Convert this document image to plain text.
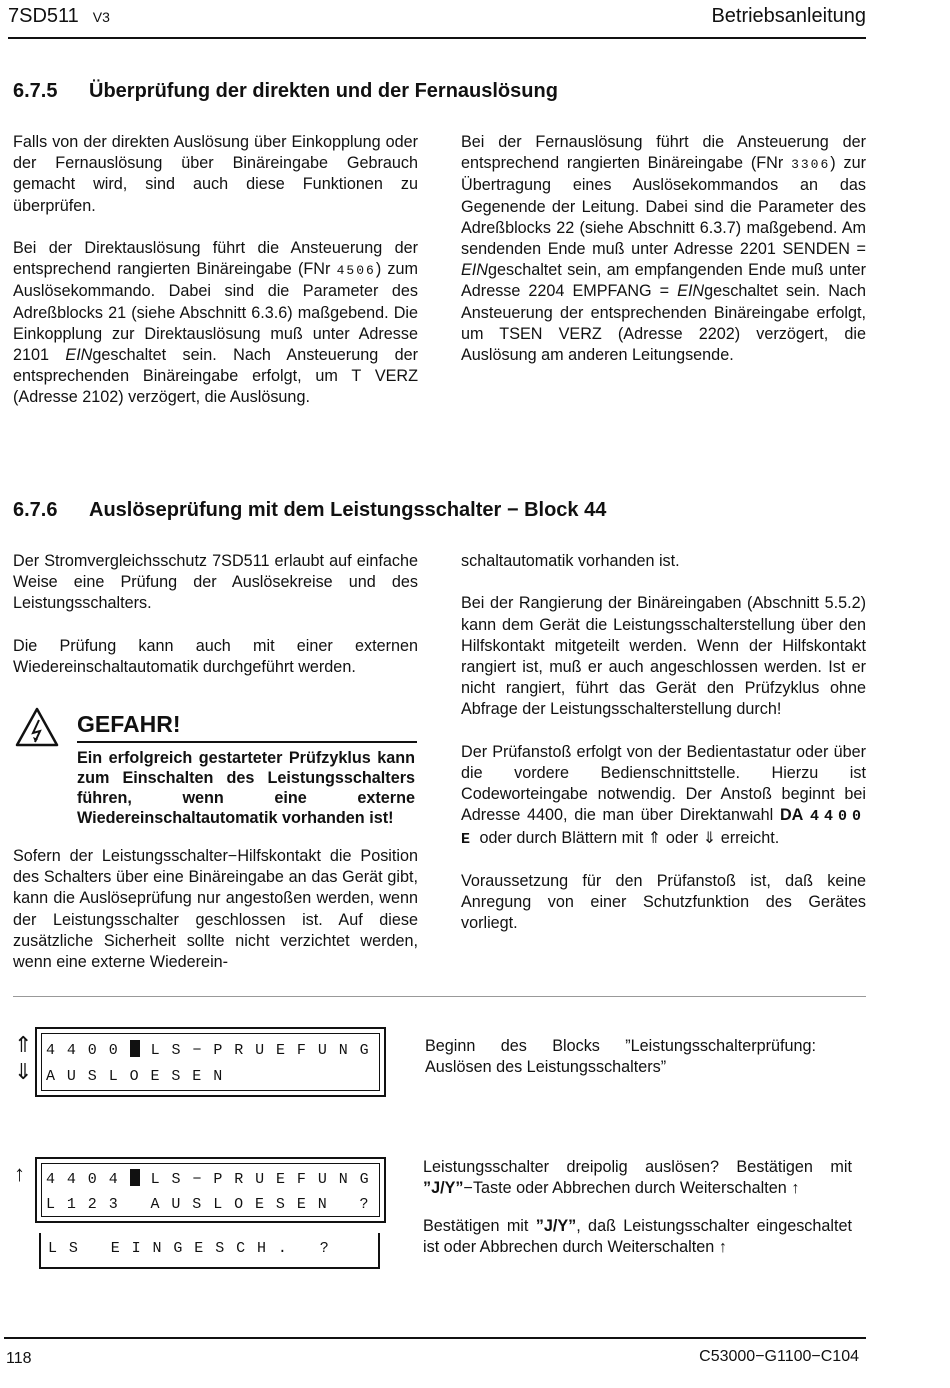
7SD511 V3	Betriebsanleitung
6.7.5 Überprüfung der direkten und der Fernauslösung

Falls von der direkten Auslösung über Einkopplung oder der Fernauslösung über Binäreingabe Gebrauch gemacht wird, sind auch diese Funktionen zu überprüfen.

Bei der Direktauslösung führt die Ansteuerung der entsprechend rangierten Binäreingabe (FNr 4506) zum Auslösekommando. Dabei sind die Parameter des Adreßblocks 21 (siehe Abschnitt 6.3.6) maßgebend. Die Einkopplung zur Direktauslösung muß unter Adresse 2101 EINgeschaltet sein. Nach Ansteuerung der entsprechenden Binäreingabe erfolgt, um T VERZ (Adresse 2102) verzögert, die Auslösung.

Bei der Fernauslösung führt die Ansteuerung der entsprechend rangierten Binäreingabe (FNr 3306) zur Übertragung eines Auslösekommandos an das Gegenende der Leitung. Dabei sind die Parameter des Adreßblocks 22 (siehe Abschnitt 6.3.7) maßgebend. Am sendenden Ende muß unter Adresse 2201 SENDEN = EINgeschaltet sein, am empfangenden Ende muß unter Adresse 2204 EMPFANG = EINgeschaltet sein. Nach Ansteuerung der entsprechenden Binäreingabe erfolgt, um TSEN VERZ (Adresse 2202) verzögert, die Auslösung am anderen Leitungsende.

6.7.6 Auslöseprüfung mit dem Leistungsschalter − Block 44

Der Stromvergleichsschutz 7SD511 erlaubt auf einfache Weise eine Prüfung der Auslösekreise und des Leistungsschalters.

Die Prüfung kann auch mit einer externen Wiedereinschaltautomatik durchgeführt werden.

GEFAHR!
Ein erfolgreich gestarteter Prüfzyklus kann zum Einschalten des Leistungsschalters führen, wenn eine externe Wiedereinschaltautomatik vorhanden ist!

Sofern der Leistungsschalter−Hilfskontakt die Position des Schalters über eine Binäreingabe an das Gerät gibt, kann die Auslöseprüfung nur angestoßen werden, wenn der Leistungsschalter geschlossen ist. Auf diese zusätzliche Sicherheit sollte nicht verzichtet werden, wenn eine externe Wiederein-

schaltautomatik vorhanden ist.

Bei der Rangierung der Binäreingaben (Abschnitt 5.5.2) kann dem Gerät die Leistungsschalterstellung über den Hilfskontakt mitgeteilt werden. Wenn der Hilfskontakt rangiert ist, muß er auch angeschlossen werden. Ist er nicht rangiert, führt das Gerät den Prüfzyklus ohne Abfrage der Leistungsschalterstellung durch!

Der Prüfanstoß erfolgt von der Bedientastatur oder über die vordere Bedienschnittstelle. Hierzu ist Codeworteingabe notwendig. Der Anstoß beginnt bei Adresse 4400, die man über Direktanwahl DA 4400 E oder durch Blättern mit ⇑ oder ⇓ erreicht.

Voraussetzung für den Prüfanstoß ist, daß keine Anregung von einer Schutzfunktion des Gerätes vorliegt.

⇑
⇓
4400 LS−PRUEFUNG
AUSLOESEN
Beginn des Blocks ”Leistungsschalterprüfung: Auslösen des Leistungsschalters”
↑ 4404 LS−PRUEFUNG
L123 AUSLOESEN ?
LS EINGESCH. ?
Leistungsschalter dreipolig auslösen? Bestätigen mit ”J/Y”−Taste oder Abbrechen durch Weiterschalten ↑
Bestätigen mit ”J/Y”, daß Leistungsschalter eingeschaltet ist oder Abbrechen durch Weiterschalten ↑
118	C53000−G1100−C104
